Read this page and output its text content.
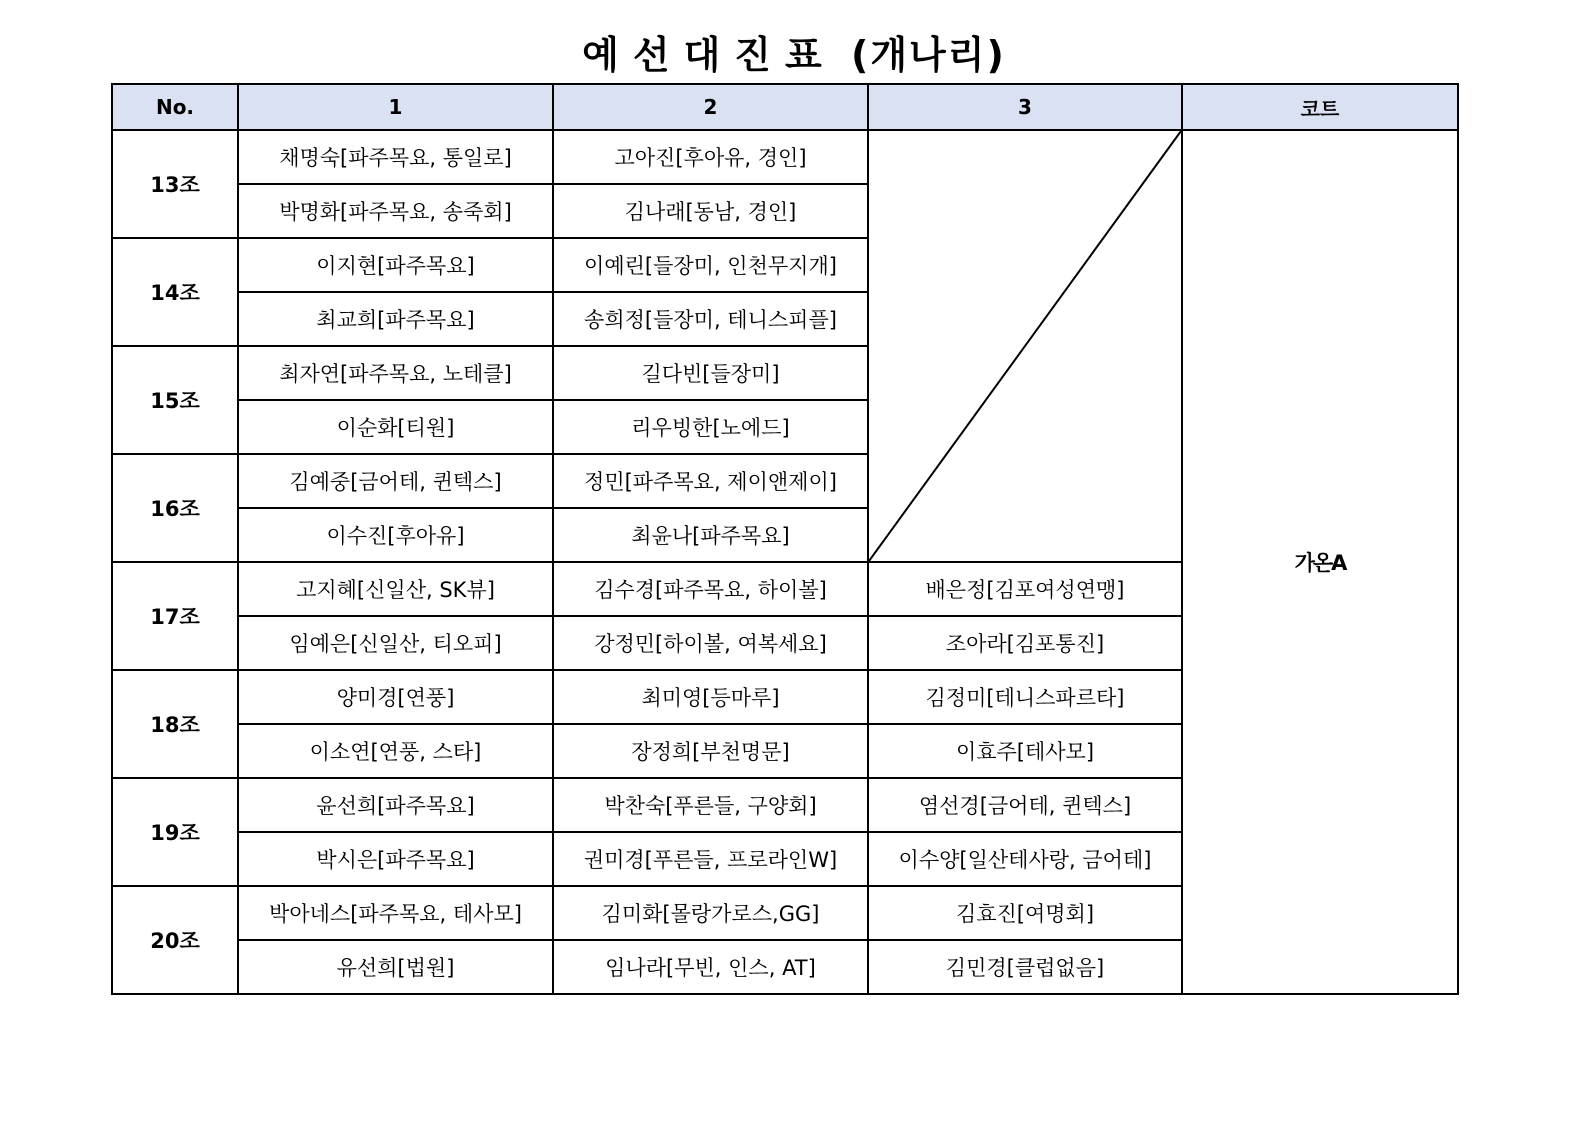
예선대진표 (개나리)
No.	1	2	3	코트
13조	채명숙[파주목요, 통일로]	고아진[후아유, 경인]		가온A
	박명화[파주목요, 송죽회]	김나래[동남, 경인]		
14조	이지현[파주목요]	이예린[들장미, 인천무지개]		
	최교희[파주목요]	송희정[들장미, 테니스피플]		
15조	최자연[파주목요, 노테클]	길다빈[들장미]		
	이순화[티원]	리우빙한[노에드]		
16조	김예중[금어테, 퀸텍스]	정민[파주목요, 제이앤제이]		
	이수진[후아유]	최윤나[파주목요]		
17조	고지혜[신일산, SK뷰]	김수경[파주목요, 하이볼]	배은정[김포여성연맹]	
	임예은[신일산, 티오피]	강정민[하이볼, 여복세요]	조아라[김포통진]	
18조	양미경[연풍]	최미영[등마루]	김정미[테니스파르타]	
	이소연[연풍, 스타]	장정희[부천명문]	이효주[테사모]	
19조	윤선희[파주목요]	박찬숙[푸른들, 구양회]	염선경[금어테, 퀸텍스]	
	박시은[파주목요]	권미경[푸른들, 프로라인W]	이수양[일산테사랑, 금어테]	
20조	박아네스[파주목요, 테사모]	김미화[몰랑가로스,GG]	김효진[여명회]	
	유선희[법원]	임나라[무빈, 인스, AT]	김민경[클럽없음]	
